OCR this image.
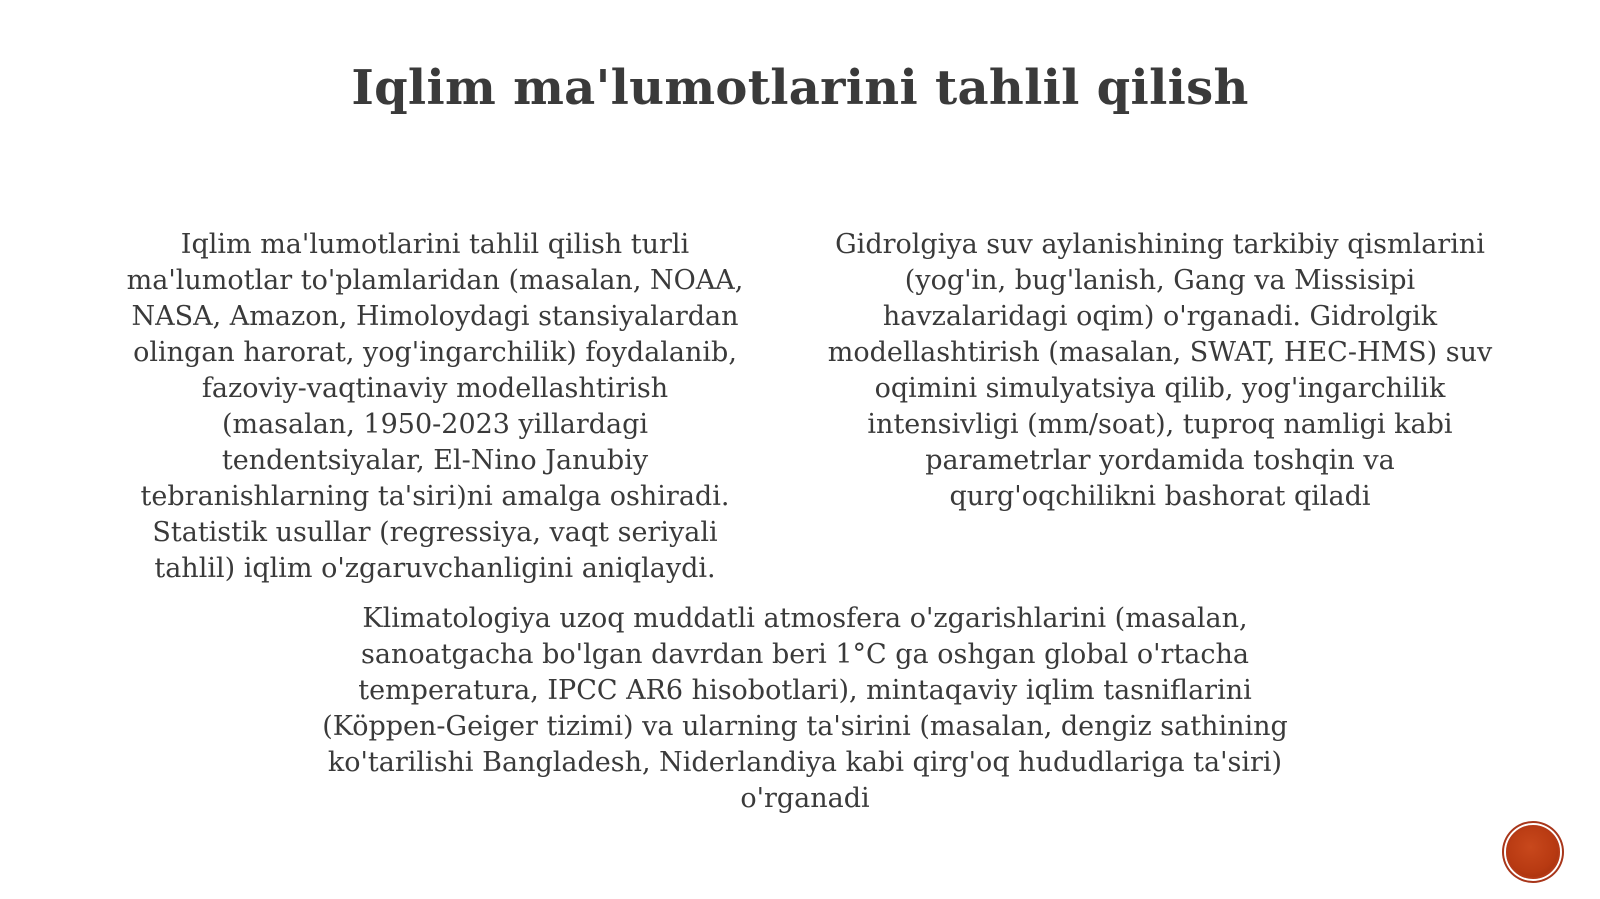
Iqlim ma'lumotlarini tahlil qilish
Iqlim ma'lumotlarini tahlil qilish turli
ma'lumotlar to'plamlaridan (masalan, NOAA,
NASA, Amazon, Himoloydagi stansiyalardan
olingan harorat, yog'ingarchilik) foydalanib,
fazoviy-vaqtinaviy modellashtirish
(masalan, 1950-2023 yillardagi
tendentsiyalar, El-Nino Janubiy
tebranishlarning ta'siri)ni amalga oshiradi.
Statistik usullar (regressiya, vaqt seriyali
tahlil) iqlim o'zgaruvchanligini aniqlaydi.
Gidrolgiya suv aylanishining tarkibiy qismlarini
(yog'in, bug'lanish, Gang va Missisipi
havzalaridagi oqim) o'rganadi. Gidrolgik
modellashtirish (masalan, SWAT, HEC-HMS) suv
oqimini simulyatsiya qilib, yog'ingarchilik
intensivligi (mm/soat), tuproq namligi kabi
parametrlar yordamida toshqin va
qurg'oqchilikni bashorat qiladi
Klimatologiya uzoq muddatli atmosfera o'zgarishlarini (masalan,
sanoatgacha bo'lgan davrdan beri 1°C ga oshgan global o'rtacha
temperatura, IPCC AR6 hisobotlari), mintaqaviy iqlim tasniflarini
(Köppen-Geiger tizimi) va ularning ta'sirini (masalan, dengiz sathining
ko'tarilishi Bangladesh, Niderlandiya kabi qirg'oq hududlariga ta'siri)
o'rganadi
